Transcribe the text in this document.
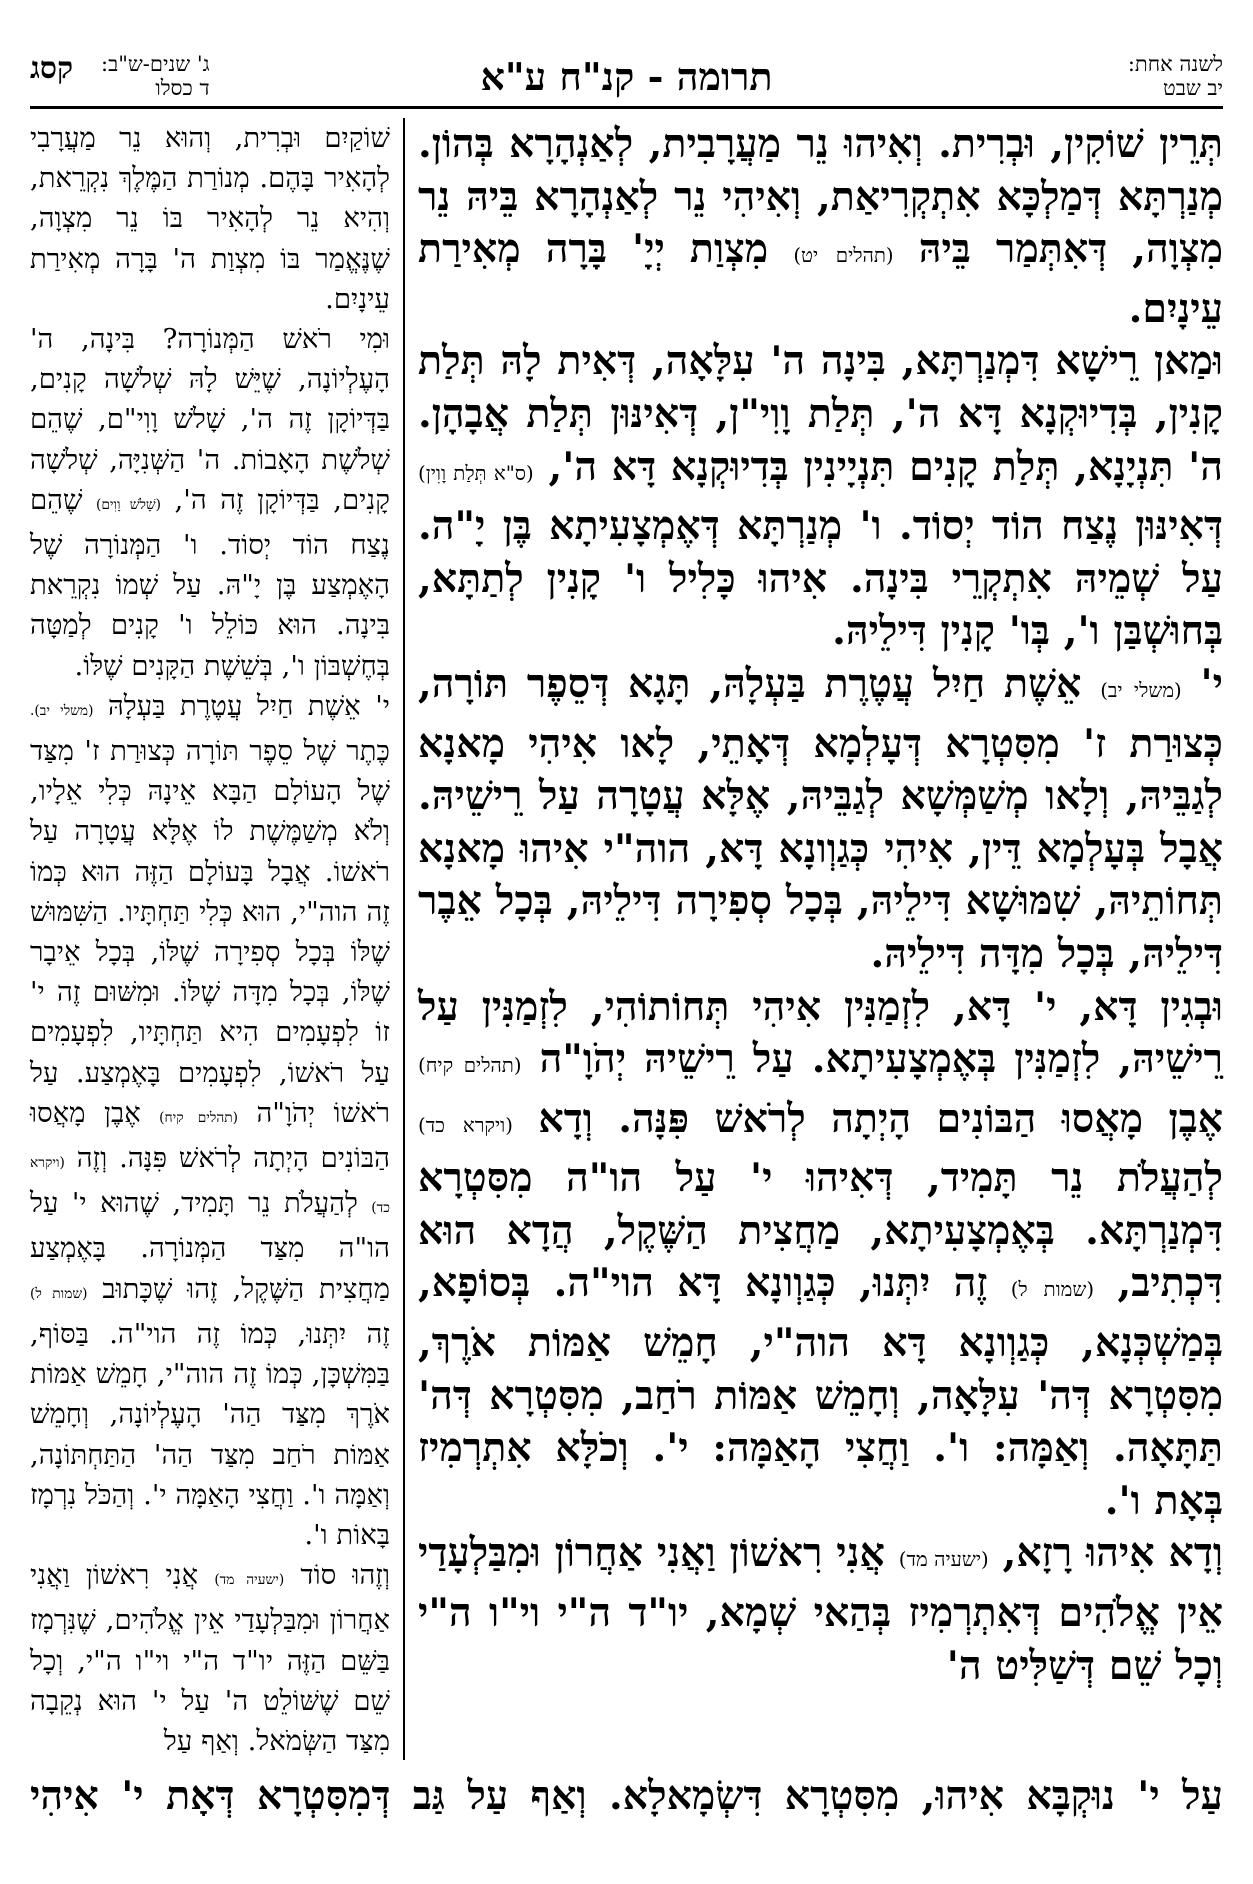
ג' שנים-ש"ב:
ד כסלו
קסג	תרומה - קנ"ח ע"א	לשנה אחת:
יב שבט

תְּרֵין שׁוֹקִין, וּבְרִית. וְאִיהוּ נֵר מַעֲרָבִית, לְאַנְהָרָא בְּהוֹן. מְנַרְתָּא דְּמַלְכָּא אִתְקְרִיאַת, וְאִיהִי נֵר לְאַנְהָרָא בֵּיהּ נֵר מִצְוָה, דְּאִתְּמַר בֵּיהּ (תהלים יט) מִצְוַת יְיָ' בָּרָה מְאִירַת עֵינָיִם.

וּמַאן רֵישָׁא דִּמְנַרְתָּא, בִּינָה ה' עִלָּאָה, דְּאִית לָהּ תְּלַת קָנִין, בְּדִיוּקְנָא דָּא ה', תְּלַת וָוִי"ן, דְּאִינּוּן תְּלַת אֲבָהָן. ה' תִּנְיָנָא, תְּלַת קָנִים תִּנְיָינִין בְּדִיוּקְנָא דָּא ה', (ס"א תְּלַת וָוִין) דְּאִינּוּן נֶצַח הוֹד יְסוֹד. ו' מְנַרְתָּא דְּאֶמְצָעִיתָא בֶּן יָ"ה. עַל שְׁמֵיהּ אִתְקְרֵי בִּינָה. אִיהוּ כָּלִיל ו' קָנִין לְתַתָּא, בְּחוּשְׁבַּן ו', בְּו' קָנִין דִּילֵיהּ.

י' (משלי יב) אֵשֶׁת חַיִל עֲטֶרֶת בַּעְלָהּ, תָּגָא דְּסֵפֶר תּוֹרָה, כְּצוּרַת ז' מִסִּטְרָא דְּעָלְמָא דְּאָתֵי, לָאו אִיהִי מָאנָא לְגַבֵּיהּ, וְלָאו מְשַׁמְּשָׁא לְגַבֵּיהּ, אֶלָּא עֲטָרָה עַל רֵישֵׁיהּ. אֲבָל בְּעָלְמָא דֵּין, אִיהִי כְּגַוְונָא דָּא, הוה"י אִיהוּ מָאנָא תְּחוֹתֵיהּ, שִׁמּוּשָׁא דִּילֵיהּ, בְּכָל סְפִירָה דִּילֵיהּ, בְּכָל אֵבֶר דִּילֵיהּ, בְּכָל מִדָּה דִּילֵיהּ.

וּבְגִין דָּא, י' דָּא, לִזְמַנִּין אִיהִי תְּחוֹתוֹהִי, לִזְמַנִּין עַל רֵישֵׁיהּ, לִזְמַנִּין בְּאֶמְצָעִיתָא. עַל רֵישֵׁיהּ יְהֹוָ"ה (תהלים קיח) אֶבֶן מָאֲסוּ הַבּוֹנִים הָיְתָה לְרֹאשׁ פִּנָּה. וְדָא (ויקרא כד) לְהַעֲלֹת נֵר תָּמִיד, דְּאִיהוּ י' עַל הו"ה מִסִּטְרָא דִּמְנַרְתָּא. בְּאֶמְצָעִיתָא, מַחֲצִית הַשֶּׁקֶל, הֲדָא הוּא דִּכְתִיב, (שמות ל) זֶה יִתְּנוּ, כְּגַוְונָא דָּא הוי"ה. בְּסוֹפָא, בְּמַשְׁכְּנָא, כְּגַוְונָא דָּא הוה"י, חָמֵשׁ אַמּוֹת אֹרֶךְ, מִסִּטְרָא דְּה' עִלָּאָה, וְחָמֵשׁ אַמּוֹת רֹחַב, מִסִּטְרָא דְּה' תַּתָּאָה. וְאַמָּה: ו'. וַחֲצִי הָאַמָּה: י'. וְכֹלָּא אִתְרְמִיז בְּאָת ו'.

וְדָא אִיהוּ רָזָא, (ישעיה מד) אֲנִי רִאשׁוֹן וַאֲנִי אַחֲרוֹן וּמִבַּלְעָדַי אֵין אֱלֹהִים דְּאִתְרְמִיז בְּהַאי שְׁמָא, יו"ד ה"י וי"ו ה"י וְכָל שֵׁם דְּשַׁלִּיט ה'

שׁוֹקַיִם וּבְרִית, וְהוּא נֵר מַעֲרָבִי לְהָאִיר בָּהֶם. מְנוֹרַת הַמֶּלֶךְ נִקְרֵאת, וְהִיא נֵר לְהָאִיר בּוֹ נֵר מִצְוָה, שֶׁנֶּאֱמַר בּוֹ מִצְוַת ה' בָּרָה מְאִירַת עֵינָיִם.

וּמִי רֹאשׁ הַמְּנוֹרָה? בִּינָה, ה' הָעֶלְיוֹנָה, שֶׁיֵּשׁ לָהּ שְׁלֹשָׁה קָנִים, בַּדְּיוֹקָן זֶה ה', שָׁלֹשׁ וָוִי"ם, שֶׁהֵם שְׁלֹשֶׁת הָאָבוֹת. ה' הַשְּׁנִיָּה, שְׁלֹשָׁה קָנִים, בַּדְּיוֹקָן זֶה ה', (שָׁלֹשׁ וָוִים) שֶׁהֵם נֶצַח הוֹד יְסוֹד. ו' הַמְּנוֹרָה שֶׁל הָאֶמְצַע בֶּן יָ"הּ. עַל שְׁמוֹ נִקְרֵאת בִּינָה. הוּא כּוֹלֵל ו' קָנִים לְמַטָּה בְּחֶשְׁבּוֹן ו', בְּשֵׁשֶׁת הַקָּנִים שֶׁלּוֹ.

י' אֵשֶׁת חַיִל עֲטֶרֶת בַּעְלָהּ (משלי יב). כֶּתֶר שֶׁל סֵפֶר תּוֹרָה כְּצוּרַת ז' מִצַּד שֶׁל הָעוֹלָם הַבָּא אֵינָהּ כְּלִי אֵלָיו, וְלֹא מְשַׁמֶּשֶׁת לוֹ אֶלָּא עֲטָרָה עַל רֹאשׁוֹ. אֲבָל בָּעוֹלָם הַזֶּה הוּא כְּמוֹ זֶה הוה"י, הוּא כְּלִי תַּחְתָּיו. הַשִּׁמּוּשׁ שֶׁלּוֹ בְּכָל סְפִירָה שֶׁלּוֹ, בְּכָל אֵיבָר שֶׁלּוֹ, בְּכָל מִדָּה שֶׁלּוֹ. וּמִשּׁוּם זֶה י' זוֹ לִפְעָמִים הִיא תַּחְתָּיו, לִפְעָמִים עַל רֹאשׁוֹ, לִפְעָמִים בָּאֶמְצַע. עַל רֹאשׁוֹ יְהֹוָ"ה (תהלים קיח) אֶבֶן מָאֲסוּ הַבּוֹנִים הָיְתָה לְרֹאשׁ פִּנָּה. וְזֶה (ויקרא כד) לְהַעֲלֹת נֵר תָּמִיד, שֶׁהוּא י' עַל הו"ה מִצַּד הַמְּנוֹרָה. בָּאֶמְצַע מַחֲצִית הַשֶּׁקֶל, זֶהוּ שֶׁכָּתוּב (שמות ל) זֶה יִתְּנוּ, כְּמוֹ זֶה הוי"ה. בַּסּוֹף, בַּמִּשְׁכָּן, כְּמוֹ זֶה הוה"י, חָמֵשׁ אַמּוֹת אֹרֶךְ מִצַּד הַה' הָעֶלְיוֹנָה, וְחָמֵשׁ אַמּוֹת רֹחַב מִצַּד הַה' הַתַּחְתּוֹנָה, וְאַמָּה ו'. וַחֲצִי הָאַמָּה י'. וְהַכֹּל נִרְמָז בָּאוֹת ו'.

וְזֶהוּ סוֹד (ישעיה מד) אֲנִי רִאשׁוֹן וַאֲנִי אַחֲרוֹן וּמִבַּלְעָדַי אֵין אֱלֹהִים, שֶׁנִּרְמָז בַּשֵּׁם הַזֶּה יו"ד ה"י וי"ו ה"י, וְכָל שֵׁם שֶׁשּׁוֹלֵט ה' עַל י' הוּא נְקֵבָה מִצַּד הַשְּׂמֹאל. וְאַף עַל

עַל י' נוּקְבָּא אִיהוּ, מִסִּטְרָא דִּשְׂמָאלָא. וְאַף עַל גַּב דְּמִסִּטְרָא דְּאָת י' אִיהִי
